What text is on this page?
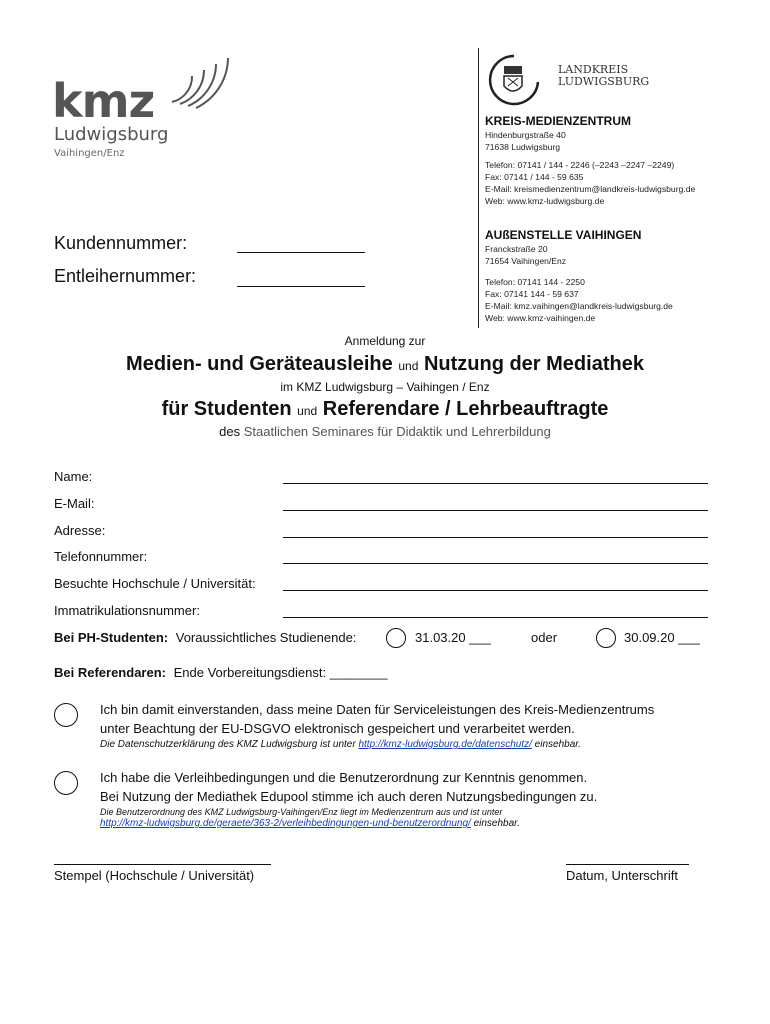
kmz
Ludwigsburg
Vaihingen/Enz
LANDKREIS
LUDWIGSBURG
KREIS-MEDIENZENTRUM
Hindenburgstraße 40
71638 Ludwigsburg
Telefon: 07141 / 144 - 2246 (–2243 –2247 –2249)
Fax: 07141 / 144 - 59 635
E-Mail: kreismedienzentrum@landkreis-ludwigsburg.de
Web: www.kmz-ludwigsburg.de
AUßENSTELLE VAIHINGEN
Franckstraße 20
71654 Vaihingen/Enz
Telefon: 07141 144 - 2250
Fax: 07141 144 - 59 637
E-Mail: kmz.vaihingen@landkreis-ludwigsburg.de
Web: www.kmz-vaihingen.de
Kundennummer:
Entleihernummer:
Anmeldung zur
Medien- und Geräteausleihe und Nutzung der Mediathek
im KMZ Ludwigsburg – Vaihingen / Enz
für Studenten und Referendare / Lehrbeauftragte
des Staatlichen Seminares für Didaktik und Lehrerbildung
Name:
E-Mail:
Adresse:
Telefonnummer:
Besuchte Hochschule / Universität:
Immatrikulationsnummer:
Bei PH-Studenten: Voraussichtliches Studienende:	31.03.20 ___	oder	30.09.20 ___
Bei Referendaren: Ende Vorbereitungsdienst: ________
Ich bin damit einverstanden, dass meine Daten für Serviceleistungen des Kreis-Medienzentrums
unter Beachtung der EU-DSGVO elektronisch gespeichert und verarbeitet werden.
Die Datenschutzerklärung des KMZ Ludwigsburg ist unter http://kmz-ludwigsburg.de/datenschutz/ einsehbar.
Ich habe die Verleihbedingungen und die Benutzerordnung zur Kenntnis genommen.
Bei Nutzung der Mediathek Edupool stimme ich auch deren Nutzungsbedingungen zu.
Die Benutzerordnung des KMZ Ludwigsburg-Vaihingen/Enz liegt im Medienzentrum aus und ist unter
http://kmz-ludwigsburg.de/geraete/363-2/verleihbedingungen-und-benutzerordnung/ einsehbar.
Stempel (Hochschule / Universität)	Datum, Unterschrift
